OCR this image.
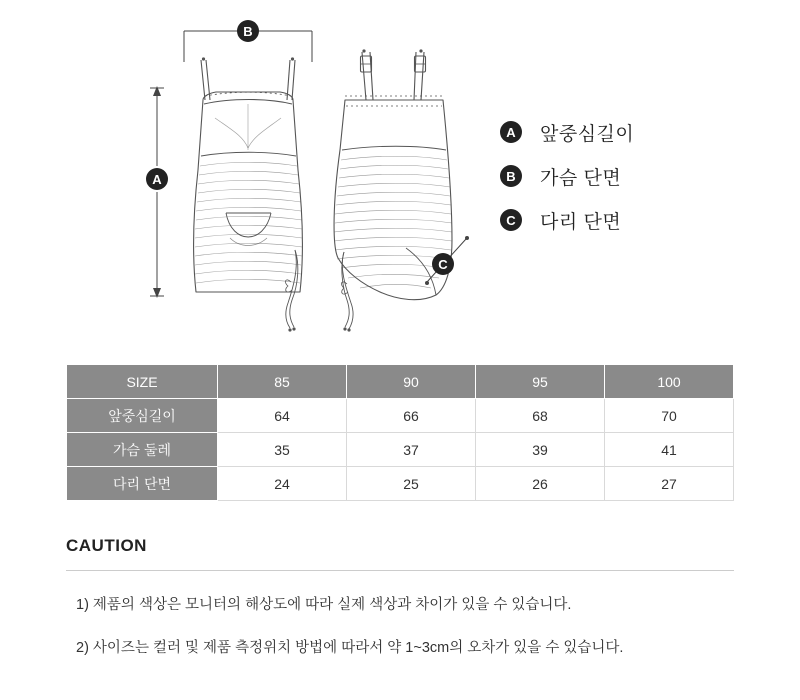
B
A
C
A	앞중심길이
B	가슴 단면
C	다리 단면
SIZE	85	90	95	100
앞중심길이	64	66	68	70
가슴 둘레	35	37	39	41
다리 단면	24	25	26	27
CAUTION
1) 제품의 색상은 모니터의 해상도에 따라 실제 색상과 차이가 있을 수 있습니다.
2) 사이즈는 컬러 및 제품 측정위치 방법에 따라서 약 1~3cm의 오차가 있을 수 있습니다.
